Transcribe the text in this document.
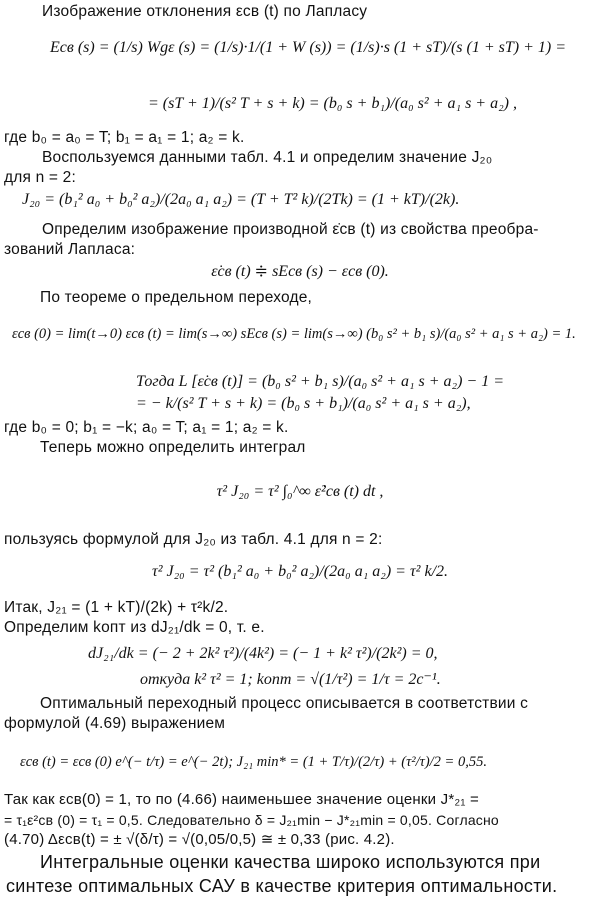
Изображение отклонения εсв (t) по Лапласу
Eсв (s) = (1/s) Wgε (s) = (1/s)·1/(1 + W (s)) = (1/s)·s (1 + sT)/(s (1 + sT) + 1) =
= (sT + 1)/(s² T + s + k) = (b₀ s + b₁)/(a₀ s² + a₁ s + a₂) ,
где b₀ = a₀ = T; b₁ = a₁ = 1; a₂ = k.
Воспользуемся данными табл. 4.1 и определим значение J₂₀
для n = 2:
J₂₀ = (b₁² a₀ + b₀² a₂)/(2a₀ a₁ a₂) = (T + T² k)/(2Tk) = (1 + kT)/(2k).
Определим изображение производной ε̇св (t) из свойства преобра-
зований Лапласа:
ε̇св (t) ≑ sEсв (s) − εсв (0).
По теореме о предельном переходе,
εсв (0) = lim(t→0) εсв (t) = lim(s→∞) sEсв (s) = lim(s→∞) (b₀ s² + b₁ s)/(a₀ s² + a₁ s + a₂) = 1.
Тогда L [ε̇св (t)] = (b₀ s² + b₁ s)/(a₀ s² + a₁ s + a₂) − 1 =
= − k/(s² T + s + k) = (b₀ s + b₁)/(a₀ s² + a₁ s + a₂),
где b₀ = 0; b₁ = −k; a₀ = T; a₁ = 1; a₂ = k.
Теперь можно определить интеграл
τ² J₂₀ = τ² ∫₀^∞ ε̇²св (t) dt ,
пользуясь формулой для J₂₀ из табл. 4.1 для n = 2:
τ² J₂₀ = τ² (b₁² a₀ + b₀² a₂)/(2a₀ a₁ a₂) = τ² k/2.
Итак, J₂₁ = (1 + kT)/(2k) + τ²k/2.
Определим kопт из dJ₂₁/dk = 0, т. е.
dJ₂₁/dk = (− 2 + 2k² τ²)/(4k²) = (− 1 + k² τ²)/(2k²) = 0,
откуда k² τ² = 1; kопт = √(1/τ²) = 1/τ = 2c⁻¹.
Оптимальный переходный процесс описывается в соответствии с
формулой (4.69) выражением
εсв (t) = εсв (0) e^(− t/τ) = e^(− 2t); J₂₁ min* = (1 + T/τ)/(2/τ) + (τ²/τ)/2 = 0,55.
Так как εсв(0) = 1, то по (4.66) наименьшее значение оценки J*₂₁ =
= τ₁ε²св (0) = τ₁ = 0,5. Следовательно δ = J₂₁min − J*₂₁min = 0,05. Согласно
(4.70) Δεсв(t) = ± √(δ/τ) = √(0,05/0,5) ≅ ± 0,33 (рис. 4.2).
Интегральные оценки качества широко используются при
синтезе оптимальных САУ в качестве критерия оптимальности.
